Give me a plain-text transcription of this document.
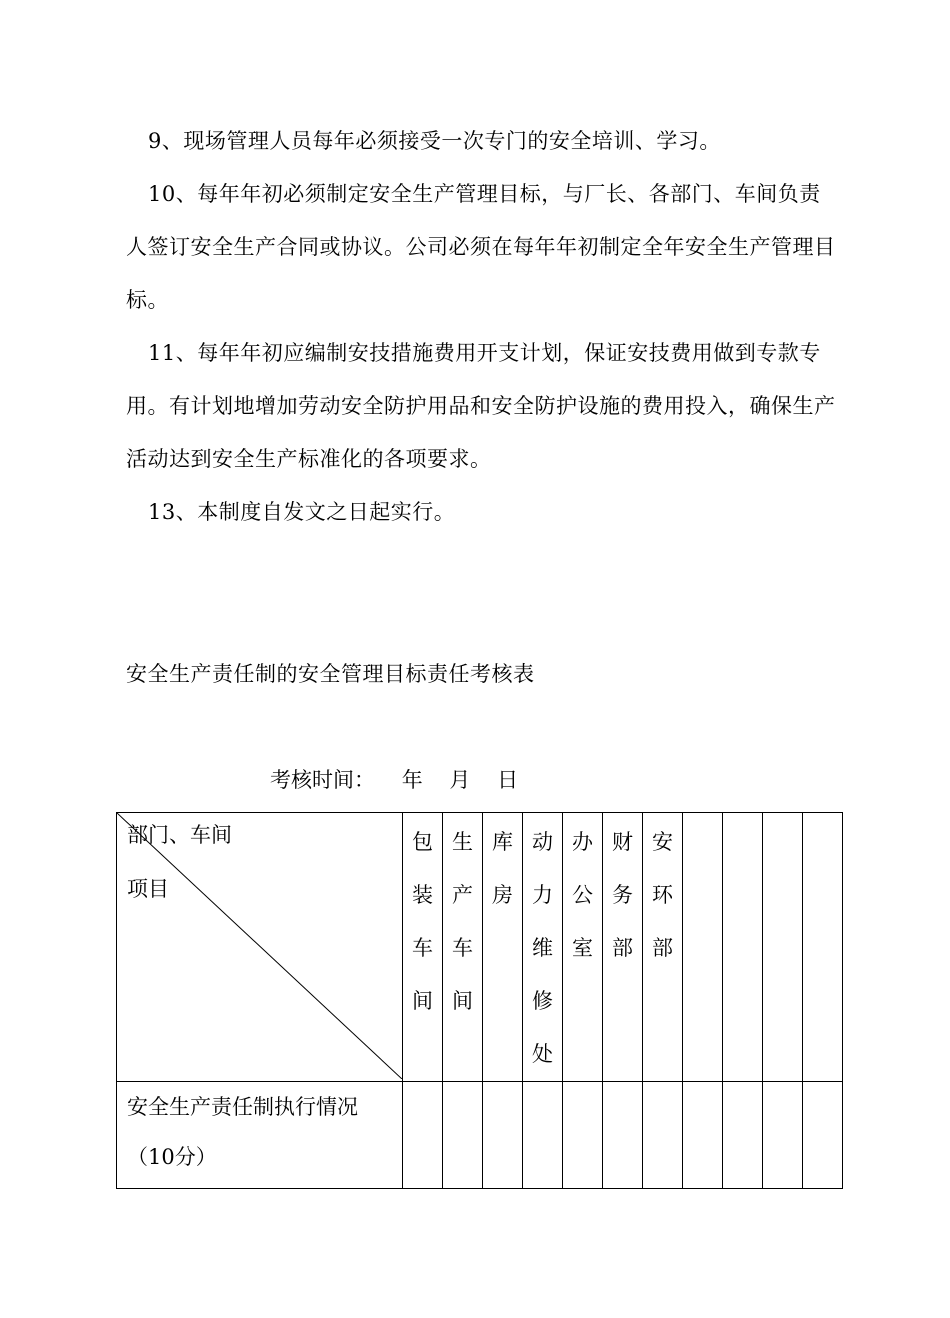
9、现场管理人员每年必须接受一次专门的安全培训、学习。

10、每年年初必须制定安全生产管理目标，与厂长、各部门、车间负责人签订安全生产合同或协议。公司必须在每年年初制定全年安全生产管理目标。

11、每年年初应编制安技措施费用开支计划，保证安技费用做到专款专用。有计划地增加劳动安全防护用品和安全防护设施的费用投入，确保生产活动达到安全生产标准化的各项要求。

13、本制度自发文之日起实行。

安全生产责任制的安全管理目标责任考核表
考核时间： 年 月 日
部门、车间
项目	包装车间	生产车间	库房	动力维修处	办公室	财务部	安环部				

安全生产责任制执行情况（10分）											
